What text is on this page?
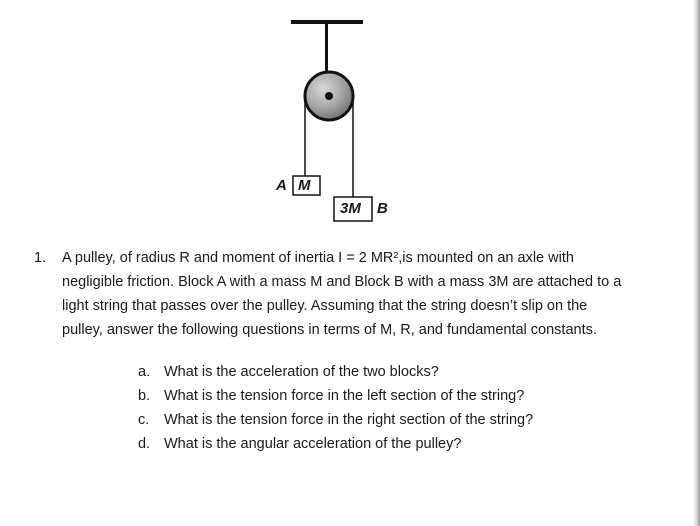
A M
3M B
1. A pulley, of radius R and moment of inertia I = 2 MR²,is mounted on an axle with
negligible friction. Block A with a mass M and Block B with a mass 3M are attached to a
light string that passes over the pulley. Assuming that the string doesn’t slip on the
pulley, answer the following questions in terms of M, R, and fundamental constants.
a. What is the acceleration of the two blocks?
b. What is the tension force in the left section of the string?
c. What is the tension force in the right section of the string?
d. What is the angular acceleration of the pulley?
